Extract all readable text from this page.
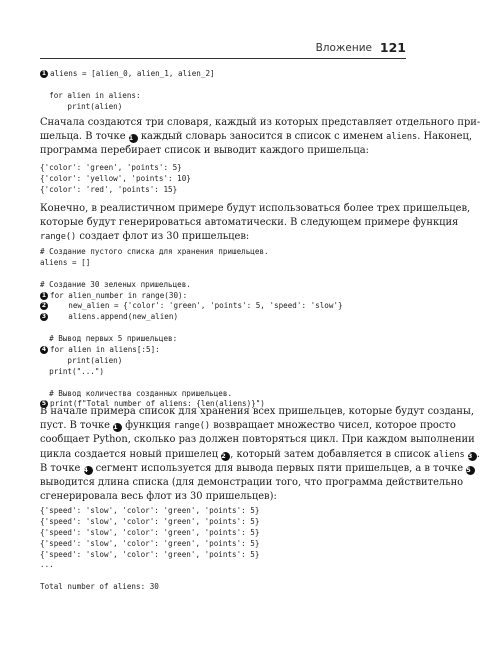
Вложение 121
1 aliens = [alien_0, alien_1, alien_2]
for alien in aliens:
print(alien)
Сначала создаются три словаря, каждый из которых представляет отдельного при-
шельца. В точке 1 каждый словарь заносится в список с именем aliens. Наконец,
программа перебирает список и выводит каждого пришельца:
{'color': 'green', 'points': 5}
{'color': 'yellow', 'points': 10}
{'color': 'red', 'points': 15}
Конечно, в реалистичном примере будут использоваться более трех пришельцев,
которые будут генерироваться автоматически. В следующем примере функция
range() создает флот из 30 пришельцев:
# Создание пустого списка для хранения пришельцев.
aliens = []
# Создание 30 зеленых пришельцев.
1 for alien_number in range(30):
2 new_alien = {'color': 'green', 'points': 5, 'speed': 'slow'}
3 aliens.append(new_alien)
# Вывод первых 5 пришельцев:
4 for alien in aliens[:5]:
print(alien)
print("...")
# Вывод количества созданных пришельцев.
5 print(f"Total number of aliens: {len(aliens)}")
В начале примера список для хранения всех пришельцев, которые будут созданы,
пуст. В точке 1 функция range() возвращает множество чисел, которое просто
сообщает Python, сколько раз должен повторяться цикл. При каждом выполнении
цикла создается новый пришелец 2 , который затем добавляется в список aliens 3 .
В точке 4 сегмент используется для вывода первых пяти пришельцев, а в точке 5
выводится длина списка (для демонстрации того, что программа действительно
сгенерировала весь флот из 30 пришельцев):
{'speed': 'slow', 'color': 'green', 'points': 5}
{'speed': 'slow', 'color': 'green', 'points': 5}
{'speed': 'slow', 'color': 'green', 'points': 5}
{'speed': 'slow', 'color': 'green', 'points': 5}
{'speed': 'slow', 'color': 'green', 'points': 5}
...
Total number of aliens: 30
